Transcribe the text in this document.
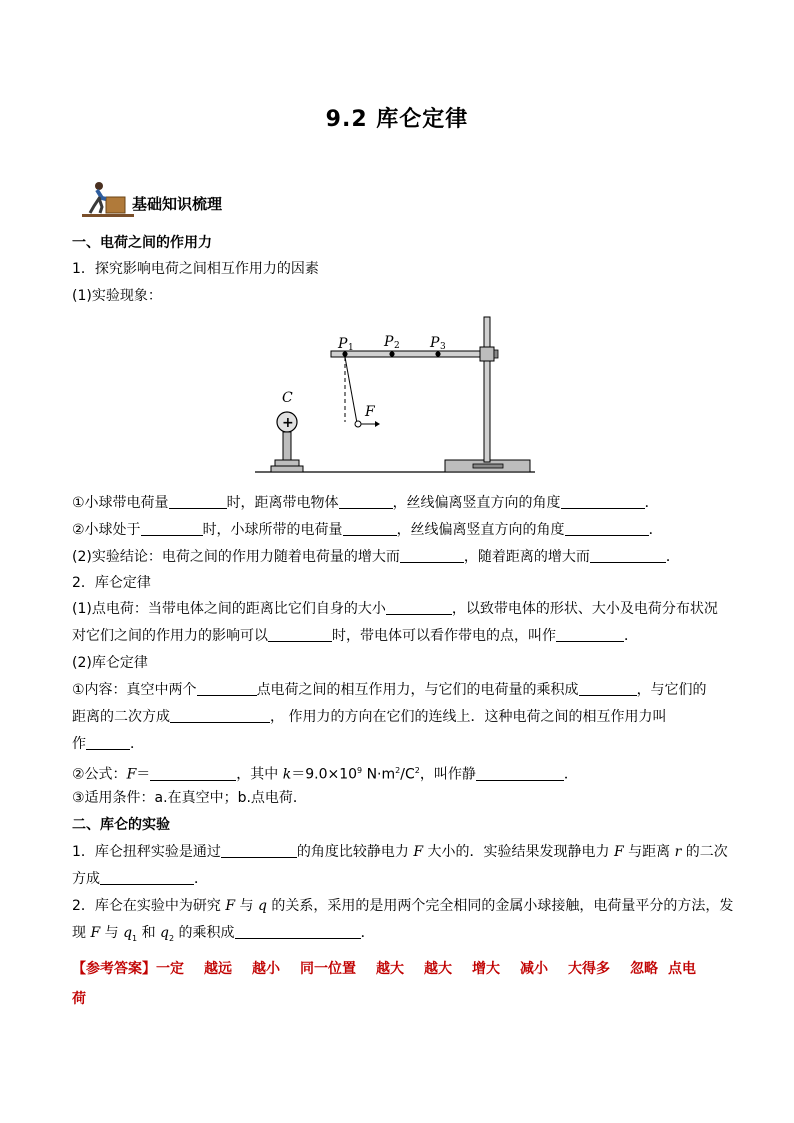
9.2 库仑定律
基础知识梳理
一、电荷之间的作用力
1．探究影响电荷之间相互作用力的因素
(1)实验现象：
P 1 P 2 P 3
F
C
+
①小球带电荷量	时，距离带电物体	，丝线偏离竖直方向的角度	．
②小球处于	时，小球所带的电荷量	，丝线偏离竖直方向的角度	．
(2)实验结论：电荷之间的作用力随着电荷量的增大而	，随着距离的增大而	．
2．库仑定律
(1)点电荷：当带电体之间的距离比它们自身的大小	，以致带电体的形状、大小及电荷分布状况
对它们之间的作用力的影响可以	时，带电体可以看作带电的点，叫作	．
(2)库仑定律
①内容：真空中两个	点电荷之间的相互作用力，与它们的电荷量的乘积成	，与它们的
距离的二次方成	， 作用力的方向在它们的连线上．这种电荷之间的相互作用力叫
作	．
②公式：F＝	，其中 $k=9.0\times 10^9$ $N\cdot m^2/C^2$，叫作静	．
③适用条件：a.在真空中；b.点电荷．
二、库仑的实验
1．库仑扭秤实验是通过	的角度比较静电力 F 大小的．实验结果发现静电力 F 与距离 r 的二次
方成	．
2．库仑在实验中为研究 F 与 q 的关系，采用的是用两个完全相同的金属小球接触，电荷量平分的方法，发
现 F 与 $q_1$ 和 $q_2$ 的乘积成	．
【参考答案】一定 越远 越小 同一位置 越大 越大 增大 减小 大得多 忽略 点电
荷
